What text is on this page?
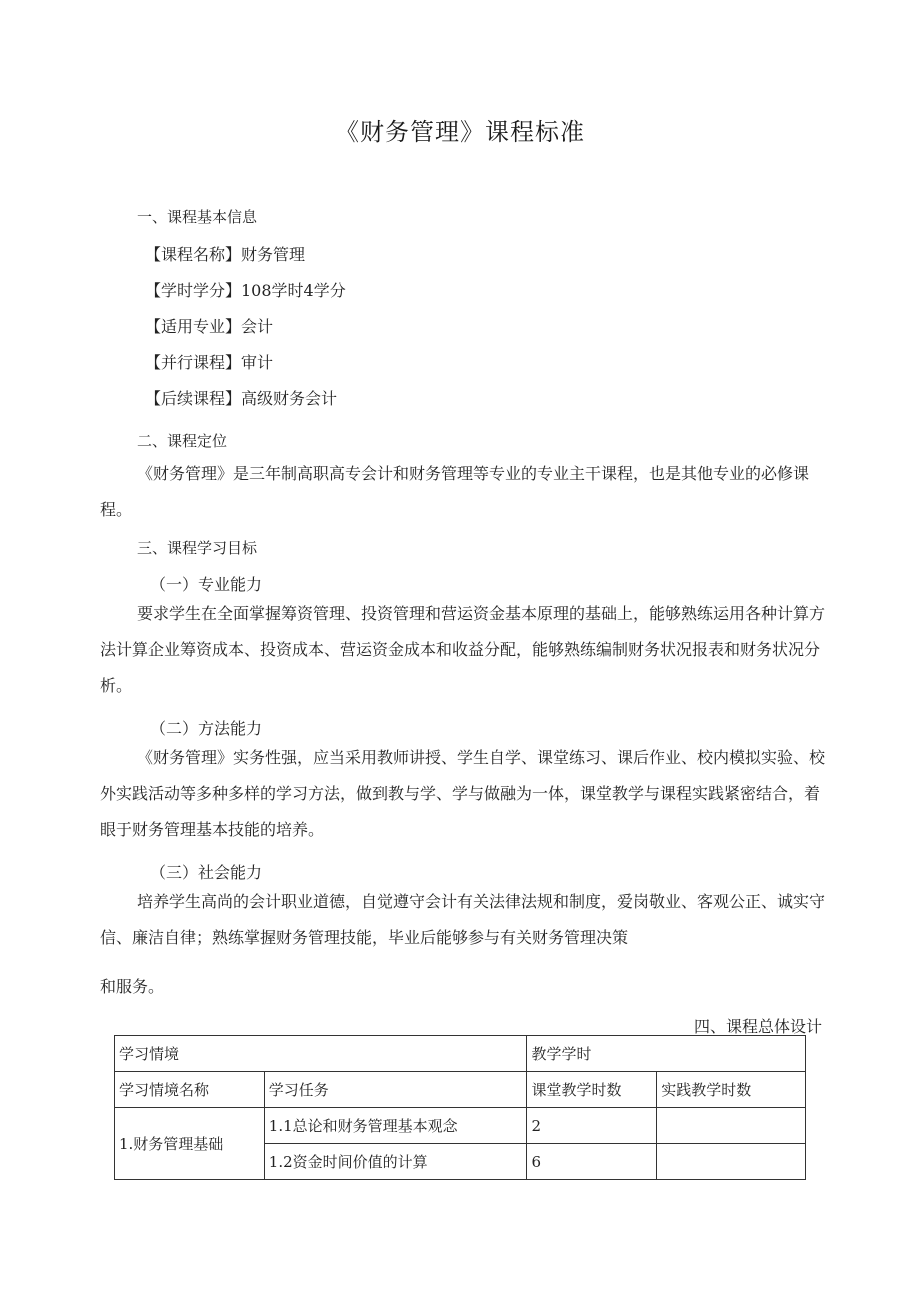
《财务管理》课程标准
一、课程基本信息
【课程名称】财务管理
【学时学分】108学时4学分
【适用专业】会计
【并行课程】审计
【后续课程】高级财务会计
二、课程定位
《财务管理》是三年制高职高专会计和财务管理等专业的专业主干课程，也是其他专业的必修课程。
三、课程学习目标
（一）专业能力
要求学生在全面掌握筹资管理、投资管理和营运资金基本原理的基础上，能够熟练运用各种计算方法计算企业筹资成本、投资成本、营运资金成本和收益分配，能够熟练编制财务状况报表和财务状况分析。
（二）方法能力
《财务管理》实务性强，应当采用教师讲授、学生自学、课堂练习、课后作业、校内模拟实验、校外实践活动等多种多样的学习方法，做到教与学、学与做融为一体，课堂教学与课程实践紧密结合，着眼于财务管理基本技能的培养。
（三）社会能力
培养学生高尚的会计职业道德，自觉遵守会计有关法律法规和制度，爱岗敬业、客观公正、诚实守信、廉洁自律；熟练掌握财务管理技能，毕业后能够参与有关财务管理决策
和服务。
四、课程总体设计
学习情境		教学学时	
学习情境名称	学习任务	课堂教学时数	实践教学时数
1.财务管理基础	1.1总论和财务管理基本观念	2	
	1.2资金时间价值的计算	6	
